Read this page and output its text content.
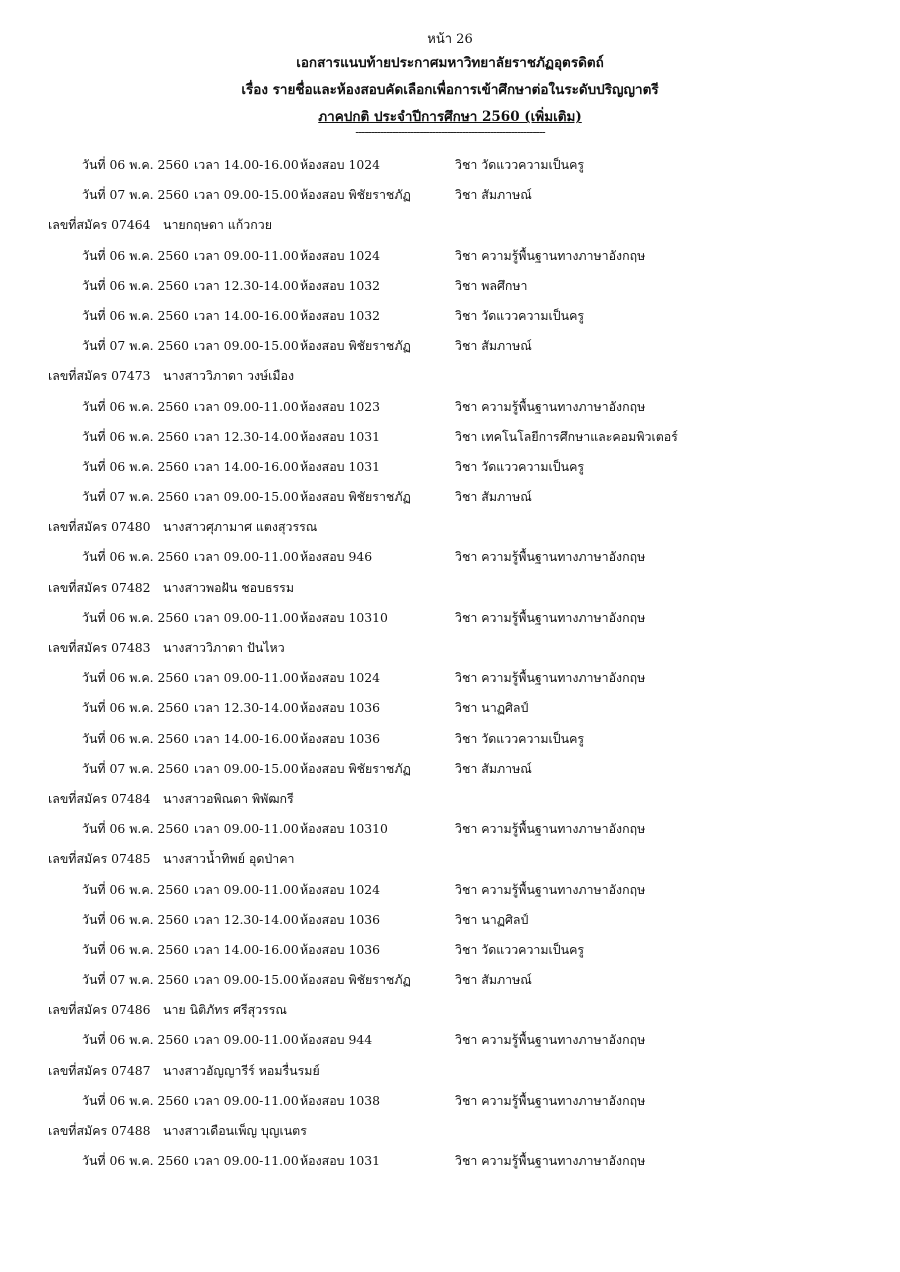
หน้า 26
เอกสารแนบท้ายประกาศมหาวิทยาลัยราชภัฏอุตรดิตถ์
เรื่อง รายชื่อและห้องสอบคัดเลือกเพื่อการเข้าศึกษาต่อในระดับปริญญาตรี
ภาคปกติ ประจำปีการศึกษา 2560 (เพิ่มเติม)
--------------------------------------------------------------
วันที่ 06 พ.ค. 2560 เวลา 14.00-16.00 ห้องสอบ 1024	วิชา วัดแววความเป็นครู
วันที่ 07 พ.ค. 2560 เวลา 09.00-15.00 ห้องสอบ พิชัยราชภัฏ	วิชา สัมภาษณ์
เลขที่สมัคร 07464 นายกฤษดา แก้วกวย
วันที่ 06 พ.ค. 2560 เวลา 09.00-11.00 ห้องสอบ 1024	วิชา ความรู้พื้นฐานทางภาษาอังกฤษ
วันที่ 06 พ.ค. 2560 เวลา 12.30-14.00 ห้องสอบ 1032	วิชา พลศึกษา
วันที่ 06 พ.ค. 2560 เวลา 14.00-16.00 ห้องสอบ 1032	วิชา วัดแววความเป็นครู
วันที่ 07 พ.ค. 2560 เวลา 09.00-15.00 ห้องสอบ พิชัยราชภัฏ	วิชา สัมภาษณ์
เลขที่สมัคร 07473 นางสาววิภาดา วงษ์เมือง
วันที่ 06 พ.ค. 2560 เวลา 09.00-11.00 ห้องสอบ 1023	วิชา ความรู้พื้นฐานทางภาษาอังกฤษ
วันที่ 06 พ.ค. 2560 เวลา 12.30-14.00 ห้องสอบ 1031	วิชา เทคโนโลยีการศึกษาและคอมพิวเตอร์
วันที่ 06 พ.ค. 2560 เวลา 14.00-16.00 ห้องสอบ 1031	วิชา วัดแววความเป็นครู
วันที่ 07 พ.ค. 2560 เวลา 09.00-15.00 ห้องสอบ พิชัยราชภัฏ	วิชา สัมภาษณ์
เลขที่สมัคร 07480 นางสาวศุภามาศ แตงสุวรรณ
วันที่ 06 พ.ค. 2560 เวลา 09.00-11.00 ห้องสอบ 946	วิชา ความรู้พื้นฐานทางภาษาอังกฤษ
เลขที่สมัคร 07482 นางสาวพอฝัน ชอบธรรม
วันที่ 06 พ.ค. 2560 เวลา 09.00-11.00 ห้องสอบ 10310	วิชา ความรู้พื้นฐานทางภาษาอังกฤษ
เลขที่สมัคร 07483 นางสาววิภาดา ปันไหว
วันที่ 06 พ.ค. 2560 เวลา 09.00-11.00 ห้องสอบ 1024	วิชา ความรู้พื้นฐานทางภาษาอังกฤษ
วันที่ 06 พ.ค. 2560 เวลา 12.30-14.00 ห้องสอบ 1036	วิชา นาฏศิลป์
วันที่ 06 พ.ค. 2560 เวลา 14.00-16.00 ห้องสอบ 1036	วิชา วัดแววความเป็นครู
วันที่ 07 พ.ค. 2560 เวลา 09.00-15.00 ห้องสอบ พิชัยราชภัฏ	วิชา สัมภาษณ์
เลขที่สมัคร 07484 นางสาวอพิณดา พิพัฒกรี
วันที่ 06 พ.ค. 2560 เวลา 09.00-11.00 ห้องสอบ 10310	วิชา ความรู้พื้นฐานทางภาษาอังกฤษ
เลขที่สมัคร 07485 นางสาวน้ำทิพย์ อุดป่าคา
วันที่ 06 พ.ค. 2560 เวลา 09.00-11.00 ห้องสอบ 1024	วิชา ความรู้พื้นฐานทางภาษาอังกฤษ
วันที่ 06 พ.ค. 2560 เวลา 12.30-14.00 ห้องสอบ 1036	วิชา นาฏศิลป์
วันที่ 06 พ.ค. 2560 เวลา 14.00-16.00 ห้องสอบ 1036	วิชา วัดแววความเป็นครู
วันที่ 07 พ.ค. 2560 เวลา 09.00-15.00 ห้องสอบ พิชัยราชภัฏ	วิชา สัมภาษณ์
เลขที่สมัคร 07486 นาย นิติภัทร ศรีสุวรรณ
วันที่ 06 พ.ค. 2560 เวลา 09.00-11.00 ห้องสอบ 944	วิชา ความรู้พื้นฐานทางภาษาอังกฤษ
เลขที่สมัคร 07487 นางสาวอัญญารีร์ หอมรื่นรมย์
วันที่ 06 พ.ค. 2560 เวลา 09.00-11.00 ห้องสอบ 1038	วิชา ความรู้พื้นฐานทางภาษาอังกฤษ
เลขที่สมัคร 07488 นางสาวเดือนเพ็ญ บุญเนตร
วันที่ 06 พ.ค. 2560 เวลา 09.00-11.00 ห้องสอบ 1031	วิชา ความรู้พื้นฐานทางภาษาอังกฤษ
